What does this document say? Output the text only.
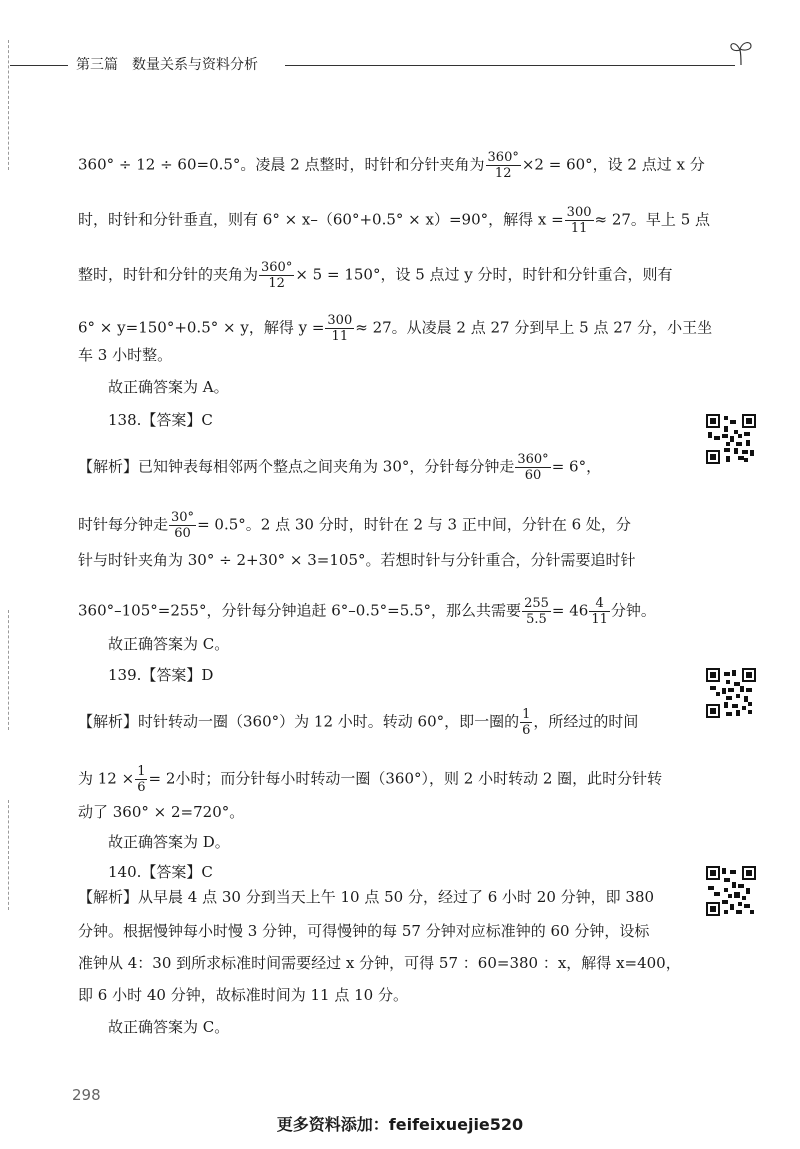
第三篇　数量关系与资料分析
360° ÷ 12 ÷ 60=0.5°。凌晨 2 点整时，时针和分针夹角为 $\frac{360^\circ}{12} \times 2 = 60^\circ$，设 2 点过 x 分
时，时针和分针垂直，则有 6° × x–（60°+0.5° × x）=90°，解得 $x = \frac{300}{11} \approx 27$。早上 5 点
整时，时针和分针的夹角为 $\frac{360^\circ}{12} \times 5 = 150^\circ$，设 5 点过 y 分时，时针和分针重合，则有
6° × y=150°+0.5° × y，解得 $y = \frac{300}{11} \approx 27$。从凌晨 2 点 27 分到早上 5 点 27 分，小王坐
车 3 小时整。
故正确答案为 A。
138.【答案】C
【解析】已知钟表每相邻两个整点之间夹角为 30°，分针每分钟走 $\frac{360^\circ}{60} = 6^\circ$，
时针每分钟走 $\frac{30^\circ}{60} = 0.5^\circ$。2 点 30 分时，时针在 2 与 3 正中间，分针在 6 处，分
针与时针夹角为 30° ÷ 2+30° × 3=105°。若想时针与分针重合，分针需要追时针
360°–105°=255°，分针每分钟追赶 6°–0.5°=5.5°，那么共需要 $\frac{255}{5.5} = 46 \frac{4}{11}$ 分钟。
故正确答案为 C。
139.【答案】D
【解析】时针转动一圈（360°）为 12 小时。转动 60°，即一圈的 $\frac{1}{6}$ ，所经过的时间
为 $12 \times \frac{1}{6} = 2$小时；而分针每小时转动一圈（360°），则 2 小时转动 2 圈，此时分针转
动了 360° × 2=720°。
故正确答案为 D。
140.【答案】C
【解析】从早晨 4 点 30 分到当天上午 10 点 50 分，经过了 6 小时 20 分钟，即 380
分钟。根据慢钟每小时慢 3 分钟，可得慢钟的每 57 分钟对应标准钟的 60 分钟，设标
准钟从 4：30 到所求标准时间需要经过 x 分钟，可得 57 ：60=380 ：x，解得 x=400，
即 6 小时 40 分钟，故标准时间为 11 点 10 分。
故正确答案为 C。
298
更多资料添加：feifeixuejie520
